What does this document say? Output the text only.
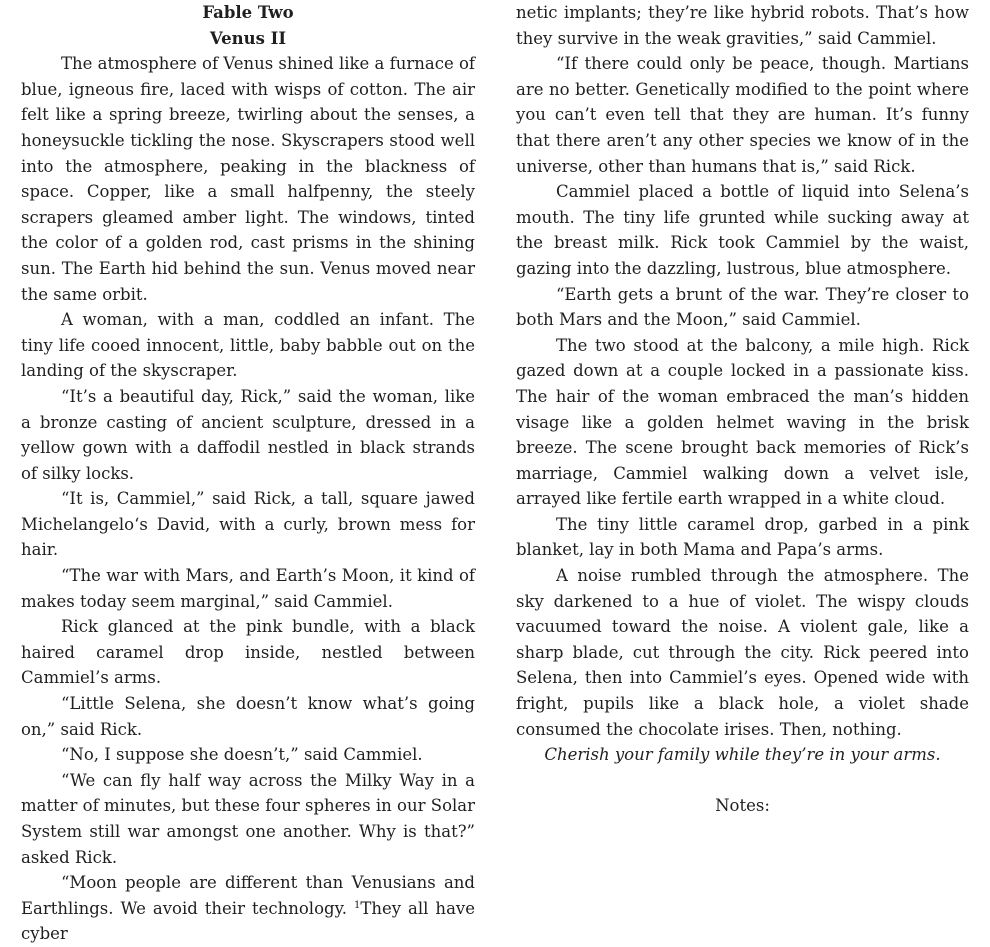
Fable Two
Venus II

The atmosphere of Venus shined like a furnace of blue, igneous fire, laced with wisps of cotton. The air felt like a spring breeze, twirling about the senses, a honeysuckle tickling the nose. Skyscrapers stood well into the atmosphere, peaking in the blackness of space. Copper, like a small halfpenny, the steely scrapers gleamed amber light. The windows, tinted the color of a golden rod, cast prisms in the shining sun. The Earth hid behind the sun. Venus moved near the same orbit.

A woman, with a man, coddled an infant. The tiny life cooed innocent, little, baby babble out on the landing of the skyscraper.

“It’s a beautiful day, Rick,” said the woman, like a bronze casting of ancient sculpture, dressed in a yellow gown with a daffodil nestled in black strands of silky locks.

“It is, Cammiel,” said Rick, a tall, square jawed Michelangelo‘s David, with a curly, brown mess for hair.

“The war with Mars, and Earth’s Moon, it kind of makes today seem marginal,” said Cammiel.

Rick glanced at the pink bundle, with a black haired caramel drop inside, nestled between Cammiel’s arms.

“Little Selena, she doesn’t know what’s going on,” said Rick.

“No, I suppose she doesn’t,” said Cammiel.

“We can fly half way across the Milky Way in a matter of minutes, but these four spheres in our Solar System still war amongst one another. Why is that?” asked Rick.

“Moon people are different than Venusians and Earthlings. We avoid their technology. $^1$They all have cyber

netic implants; they’re like hybrid robots. That’s how they survive in the weak gravities,” said Cammiel.

“If there could only be peace, though. Martians are no better. Genetically modified to the point where you can’t even tell that they are human. It’s funny that there aren’t any other species we know of in the universe, other than humans that is,” said Rick.

Cammiel placed a bottle of liquid into Selena’s mouth. The tiny life grunted while sucking away at the breast milk. Rick took Cammiel by the waist, gazing into the dazzling, lustrous, blue atmosphere.

“Earth gets a brunt of the war. They’re closer to both Mars and the Moon,” said Cammiel.

The two stood at the balcony, a mile high. Rick gazed down at a couple locked in a passionate kiss. The hair of the woman embraced the man’s hidden visage like a golden helmet waving in the brisk breeze. The scene brought back memories of Rick’s marriage, Cammiel walking down a velvet isle, arrayed like fertile earth wrapped in a white cloud.

The tiny little caramel drop, garbed in a pink blanket, lay in both Mama and Papa’s arms.

A noise rumbled through the atmosphere. The sky darkened to a hue of violet. The wispy clouds vacuumed toward the noise. A violent gale, like a sharp blade, cut through the city. Rick peered into Selena, then into Cammiel’s eyes. Opened wide with fright, pupils like a black hole, a violet shade consumed the chocolate irises. Then, nothing.

Cherish your family while they’re in your arms.

Notes:
